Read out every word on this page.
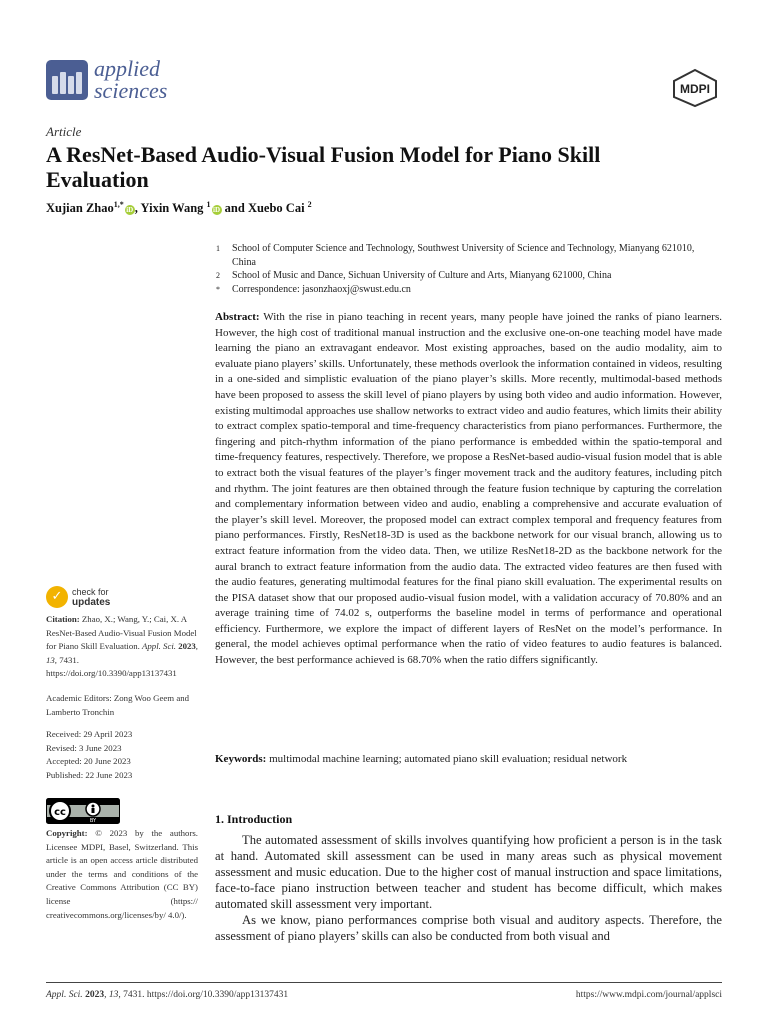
applied
sciences	MDPI
Article
A ResNet-Based Audio-Visual Fusion Model for Piano Skill Evaluation
Xujian Zhao$^{1,*}$iD , Yixin Wang $^1$iD and Xuebo Cai $^2$
1	School of Computer Science and Technology, Southwest University of Science and Technology, Mianyang 621010, China
2	School of Music and Dance, Sichuan University of Culture and Arts, Mianyang 621000, China
*	Correspondence: jasonzhaoxj@swust.edu.cn
Abstract: With the rise in piano teaching in recent years, many people have joined the ranks of piano learners. However, the high cost of traditional manual instruction and the exclusive one-on-one teaching model have made learning the piano an extravagant endeavor. Most existing approaches, based on the audio modality, aim to evaluate piano players’ skills. Unfortunately, these methods overlook the information contained in videos, resulting in a one-sided and simplistic evaluation of the piano player’s skills. More recently, multimodal-based methods have been proposed to assess the skill level of piano players by using both video and audio information. However, existing multimodal approaches use shallow networks to extract video and audio features, which limits their ability to extract complex spatio-temporal and time-frequency characteristics from piano performances. Furthermore, the fingering and pitch-rhythm information of the piano performance is embedded within the spatio-temporal and time-frequency features, respectively. Therefore, we propose a ResNet-based audio-visual fusion model that is able to extract both the visual features of the player’s finger movement track and the auditory features, including pitch and rhythm. The joint features are then obtained through the feature fusion technique by capturing the correlation and complementary information between video and audio, enabling a comprehensive and accurate evaluation of the player’s skill level. Moreover, the proposed model can extract complex temporal and frequency features from piano performances. Firstly, ResNet18-3D is used as the backbone network for our visual branch, allowing us to extract feature information from the video data. Then, we utilize ResNet18-2D as the backbone network for the aural branch to extract feature information from the audio data. The extracted video features are then fused with the audio features, generating multimodal features for the final piano skill evaluation. The experimental results on the PISA dataset show that our proposed audio-visual fusion model, with a validation accuracy of 70.80% and an average training time of 74.02 s, outperforms the baseline model in terms of performance and operational efficiency. Furthermore, we explore the impact of different layers of ResNet on the model’s performance. In general, the model achieves optimal performance when the ratio of video features to audio features is balanced. However, the best performance achieved is 68.70% when the ratio differs significantly.
Keywords: multimodal machine learning; automated piano skill evaluation; residual network
✓	check for
updates
Citation: Zhao, X.; Wang, Y.; Cai, X. A ResNet-Based Audio-Visual Fusion Model for Piano Skill Evaluation. Appl. Sci. 2023, 13, 7431. https://doi.org/10.3390/app13137431
Academic Editors: Zong Woo Geem and Lamberto Tronchin
Received: 29 April 2023
Revised: 3 June 2023
Accepted: 20 June 2023
Published: 22 June 2023
cc
BY
Copyright: © 2023 by the authors. Licensee MDPI, Basel, Switzerland. This article is an open access article distributed under the terms and conditions of the Creative Commons Attribution (CC BY) license (https:// creativecommons.org/licenses/by/ 4.0/).
1. Introduction

The automated assessment of skills involves quantifying how proficient a person is in the task at hand. Automated skill assessment can be used in many areas such as physical movement assessment and music education. Due to the higher cost of manual instruction and space limitations, face-to-face piano instruction between teacher and student has become difficult, which makes automated skill assessment very important.

As we know, piano performances comprise both visual and auditory aspects. Therefore, the assessment of piano players’ skills can also be conducted from both visual and

Appl. Sci. 2023, 13, 7431. https://doi.org/10.3390/app13137431	https://www.mdpi.com/journal/applsci
